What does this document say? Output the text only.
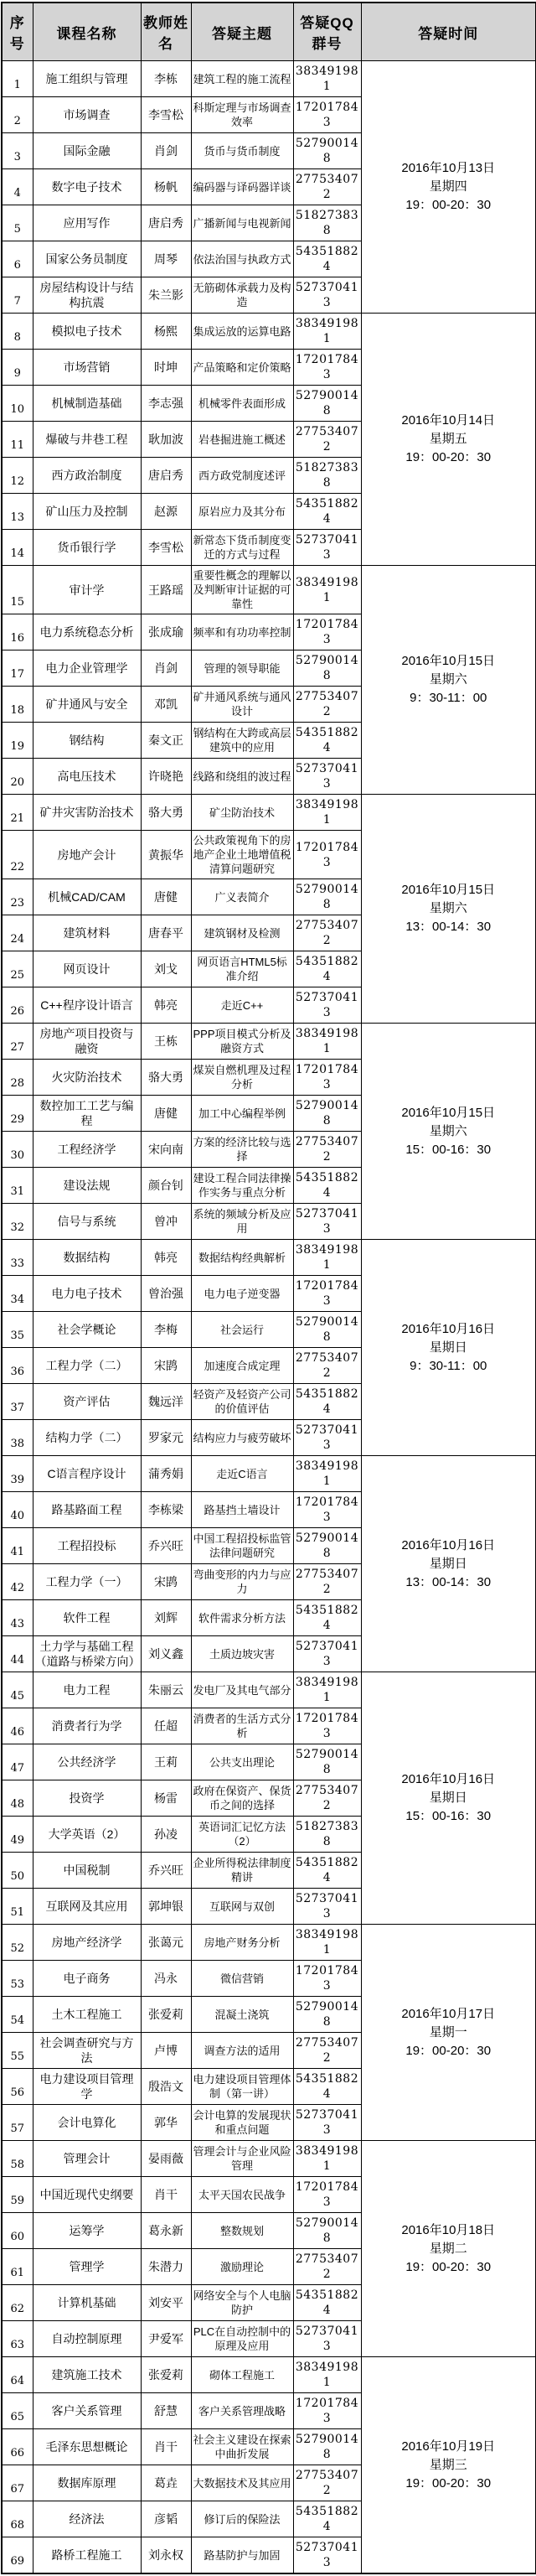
序号	课程名称	教师姓名	答疑主题	答疑QQ群号	答疑时间
1	施工组织与管理	李栋	建筑工程的施工流程	383491981	2016年10月13日
星期四
19：00-20：30

2	市场调查	李雪松	科斯定理与市场调查效率	172017843	
3	国际金融	肖剑	货币与货币制度	527900148	
4	数字电子技术	杨帆	编码器与译码器详谈	277534072	
5	应用写作	唐启秀	广播新闻与电视新闻	518273838	
6	国家公务员制度	周琴	依法治国与执政方式	543518824	
7	房屋结构设计与结构抗震	朱兰影	无筋砌体承载力及构造	527370413	
8	模拟电子技术	杨熙	集成运放的运算电路	383491981	2016年10月14日
星期五
19：00-20：30

9	市场营销	时坤	产品策略和定价策略	172017843	
10	机械制造基础	李志强	机械零件表面形成	527900148	
11	爆破与井巷工程	耿加波	岩巷掘进施工概述	277534072	
12	西方政治制度	唐启秀	西方政党制度述评	518273838	
13	矿山压力及控制	赵源	原岩应力及其分布	543518824	
14	货币银行学	李雪松	新常态下货币制度变迁的方式与过程	527370413	
15	审计学	王路瑶	重要性概念的理解以及判断审计证据的可靠性	383491981	2016年10月15日
星期六
9：30-11：00

16	电力系统稳态分析	张成瑜	频率和有功功率控制	172017843	
17	电力企业管理学	肖剑	管理的领导职能	527900148	
18	矿井通风与安全	邓凯	矿井通风系统与通风设计	277534072	
19	钢结构	秦文正	钢结构在大跨或高层建筑中的应用	543518824	
20	高电压技术	许晓艳	线路和绕组的波过程	527370413	
21	矿井灾害防治技术	骆大勇	矿尘防治技术	383491981	2016年10月15日
星期六
13：00-14：30

22	房地产会计	黄振华	公共政策视角下的房地产企业土地增值税清算问题研究	172017843	
23	机械CAD/CAM	唐健	广义表简介	527900148	
24	建筑材料	唐春平	建筑钢材及检测	277534072	
25	网页设计	刘戈	网页语言HTML5标准介绍	543518824	
26	C++程序设计语言	韩亮	走近C++	527370413	
27	房地产项目投资与融资	王栋	PPP项目模式分析及融资方式	383491981	2016年10月15日
星期六
15：00-16：30

28	火灾防治技术	骆大勇	煤炭自燃机理及过程分析	172017843	
29	数控加工工艺与编程	唐健	加工中心编程举例	527900148	
30	工程经济学	宋向南	方案的经济比较与选择	277534072	
31	建设法规	颜台钊	建设工程合同法律操作实务与重点分析	543518824	
32	信号与系统	曾冲	系统的频域分析及应用	527370413	
33	数据结构	韩亮	数据结构经典解析	383491981	2016年10月16日
星期日
9：30-11：00

34	电力电子技术	曾治强	电力电子逆变器	172017843	
35	社会学概论	李梅	社会运行	527900148	
36	工程力学（二）	宋鹍	加速度合成定理	277534072	
37	资产评估	魏远洋	轻资产及轻资产公司的价值评估	543518824	
38	结构力学（二）	罗家元	结构应力与疲劳破坏	527370413	
39	C语言程序设计	蒲秀娟	走近C语言	383491981	2016年10月16日
星期日
13：00-14：30

40	路基路面工程	李栋梁	路基挡土墙设计	172017843	
41	工程招投标	乔兴旺	中国工程招投标监管法律问题研究	527900148	
42	工程力学（一）	宋鹍	弯曲变形的内力与应力	277534072	
43	软件工程	刘辉	软件需求分析方法	543518824	
44	土力学与基础工程（道路与桥梁方向）	刘义鑫	土质边坡灾害	527370413	
45	电力工程	朱丽云	发电厂及其电气部分	383491981	2016年10月16日
星期日
15：00-16：30

46	消费者行为学	任超	消费者的生活方式分析	172017843	
47	公共经济学	王莉	公共支出理论	527900148	
48	投资学	杨雷	政府在保资产、保货币之间的选择	277534072	
49	大学英语（2）	孙凌	英语词汇记忆方法（2）	518273838	
50	中国税制	乔兴旺	企业所得税法律制度精讲	543518824	
51	互联网及其应用	郭坤银	互联网与双创	527370413	
52	房地产经济学	张蔼元	房地产财务分析	383491981	2016年10月17日
星期一
19：00-20：30

53	电子商务	冯永	微信营销	172017843	
54	土木工程施工	张爱莉	混凝土浇筑	527900148	
55	社会调查研究与方法	卢博	调查方法的适用	277534072	
56	电力建设项目管理学	殷浩文	电力建设项目管理体制（第一讲）	543518824	
57	会计电算化	郭华	会计电算的发展现状和重点问题	527370413	
58	管理会计	晏雨薇	管理会计与企业风险管理	383491981	2016年10月18日
星期二
19：00-20：30

59	中国近现代史纲要	肖干	太平天国农民战争	172017843	
60	运筹学	葛永新	整数规划	527900148	
61	管理学	朱潜力	激励理论	277534072	
62	计算机基础	刘安平	网络安全与个人电脑防护	543518824	
63	自动控制原理	尹爱军	PLC在自动控制中的原理及应用	527370413	
64	建筑施工技术	张爱莉	砌体工程施工	383491981	2016年10月19日
星期三
19：00-20：30

65	客户关系管理	舒慧	客户关系管理战略	172017843	
66	毛泽东思想概论	肖干	社会主义建设在探索中曲折发展	527900148	
67	数据库原理	葛垚	大数据技术及其应用	277534072	
68	经济法	彦韬	修订后的保险法	543518824	
69	路桥工程施工	刘永权	路基防护与加固	527370413	
